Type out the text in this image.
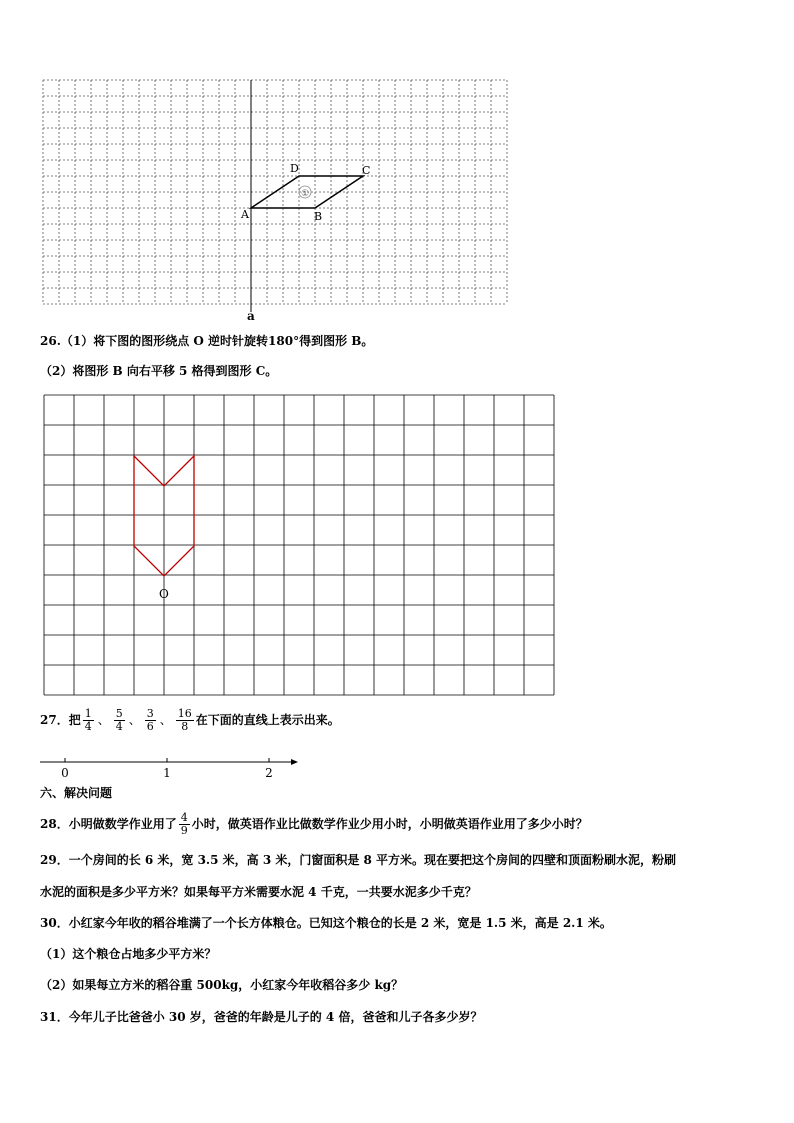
①
A	B
C
D
a
26.（1）将下图的图形绕点 O 逆时针旋转180°得到图形 B。
（2）将图形 B 向右平移 5 格得到图形 C。
O
27．把 $\frac{1}{4}$ 、 $\frac{5}{4}$ 、 $\frac{3}{6}$ 、 $\frac{16}{8}$ 在下面的直线上表示出来。
0	1	2
六、解决问题
28．小明做数学作业用了 $\frac{4}{9}$ 小时，做英语作业比做数学作业少用小时，小明做英语作业用了多少小时？
29．一个房间的长 6 米，宽 3.5 米，高 3 米，门窗面积是 8 平方米。现在要把这个房间的四壁和顶面粉刷水泥，粉刷
水泥的面积是多少平方米？如果每平方米需要水泥 4 千克，一共要水泥多少千克？
30．小红家今年收的稻谷堆满了一个长方体粮仓。已知这个粮仓的长是 2 米，宽是 1.5 米，高是 2.1 米。
（1）这个粮仓占地多少平方米？
（2）如果每立方米的稻谷重 500kg，小红家今年收稻谷多少 kg？
31．今年儿子比爸爸小 30 岁，爸爸的年龄是儿子的 4 倍，爸爸和儿子各多少岁？
